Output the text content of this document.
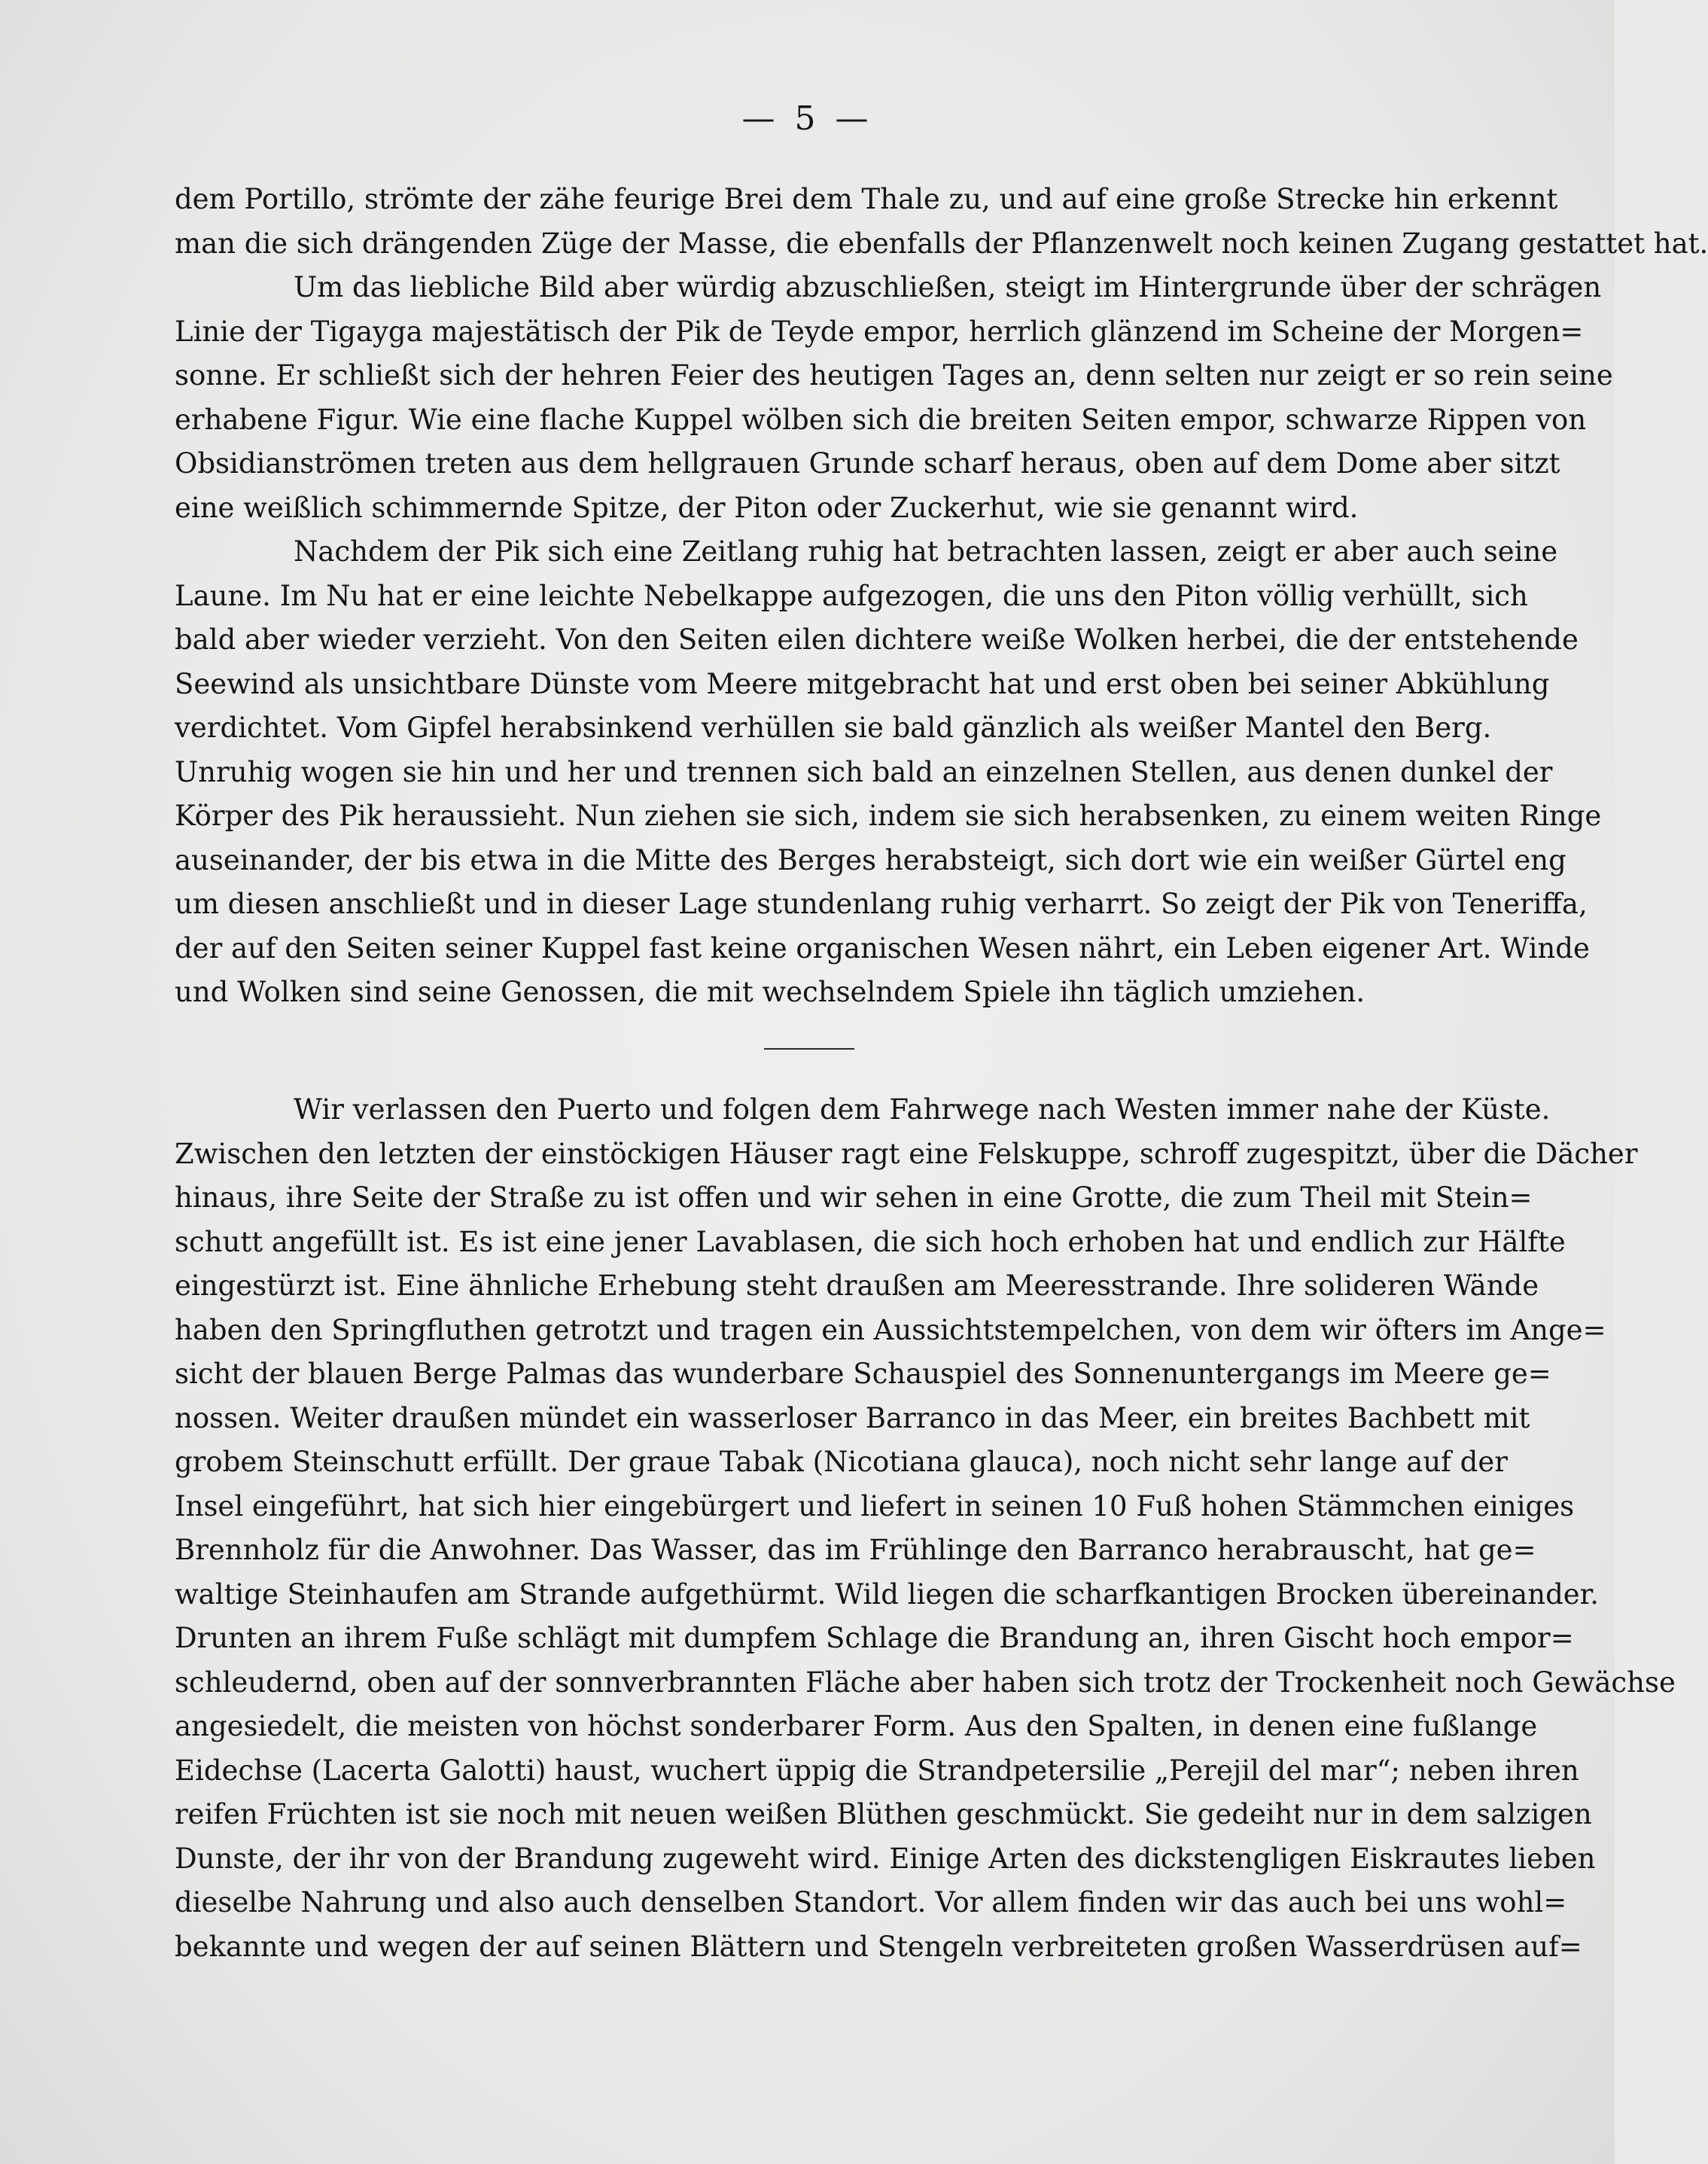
— 5 —
dem Portillo, strömte der zähe feurige Brei dem Thale zu, und auf eine große Strecke hin erkennt
man die sich drängenden Züge der Masse, die ebenfalls der Pflanzenwelt noch keinen Zugang gestattet hat.
Um das liebliche Bild aber würdig abzuschließen, steigt im Hintergrunde über der schrägen
Linie der Tigayga majestätisch der Pik de Teyde empor, herrlich glänzend im Scheine der Morgen=
sonne. Er schließt sich der hehren Feier des heutigen Tages an, denn selten nur zeigt er so rein seine
erhabene Figur. Wie eine flache Kuppel wölben sich die breiten Seiten empor, schwarze Rippen von
Obsidianströmen treten aus dem hellgrauen Grunde scharf heraus, oben auf dem Dome aber sitzt
eine weißlich schimmernde Spitze, der Piton oder Zuckerhut, wie sie genannt wird.
Nachdem der Pik sich eine Zeitlang ruhig hat betrachten lassen, zeigt er aber auch seine
Laune. Im Nu hat er eine leichte Nebelkappe aufgezogen, die uns den Piton völlig verhüllt, sich
bald aber wieder verzieht. Von den Seiten eilen dichtere weiße Wolken herbei, die der entstehende
Seewind als unsichtbare Dünste vom Meere mitgebracht hat und erst oben bei seiner Abkühlung
verdichtet. Vom Gipfel herabsinkend verhüllen sie bald gänzlich als weißer Mantel den Berg.
Unruhig wogen sie hin und her und trennen sich bald an einzelnen Stellen, aus denen dunkel der
Körper des Pik heraussieht. Nun ziehen sie sich, indem sie sich herabsenken, zu einem weiten Ringe
auseinander, der bis etwa in die Mitte des Berges herabsteigt, sich dort wie ein weißer Gürtel eng
um diesen anschließt und in dieser Lage stundenlang ruhig verharrt. So zeigt der Pik von Teneriffa,
der auf den Seiten seiner Kuppel fast keine organischen Wesen nährt, ein Leben eigener Art. Winde
und Wolken sind seine Genossen, die mit wechselndem Spiele ihn täglich umziehen.
Wir verlassen den Puerto und folgen dem Fahrwege nach Westen immer nahe der Küste.
Zwischen den letzten der einstöckigen Häuser ragt eine Felskuppe, schroff zugespitzt, über die Dächer
hinaus, ihre Seite der Straße zu ist offen und wir sehen in eine Grotte, die zum Theil mit Stein=
schutt angefüllt ist. Es ist eine jener Lavablasen, die sich hoch erhoben hat und endlich zur Hälfte
eingestürzt ist. Eine ähnliche Erhebung steht draußen am Meeresstrande. Ihre solideren Wände
haben den Springfluthen getrotzt und tragen ein Aussichtstempelchen, von dem wir öfters im Ange=
sicht der blauen Berge Palmas das wunderbare Schauspiel des Sonnenuntergangs im Meere ge=
nossen. Weiter draußen mündet ein wasserloser Barranco in das Meer, ein breites Bachbett mit
grobem Steinschutt erfüllt. Der graue Tabak (Nicotiana glauca), noch nicht sehr lange auf der
Insel eingeführt, hat sich hier eingebürgert und liefert in seinen 10 Fuß hohen Stämmchen einiges
Brennholz für die Anwohner. Das Wasser, das im Frühlinge den Barranco herabrauscht, hat ge=
waltige Steinhaufen am Strande aufgethürmt. Wild liegen die scharfkantigen Brocken übereinander.
Drunten an ihrem Fuße schlägt mit dumpfem Schlage die Brandung an, ihren Gischt hoch empor=
schleudernd, oben auf der sonnverbrannten Fläche aber haben sich trotz der Trockenheit noch Gewächse
angesiedelt, die meisten von höchst sonderbarer Form. Aus den Spalten, in denen eine fußlange
Eidechse (Lacerta Galotti) haust, wuchert üppig die Strandpetersilie „Perejil del mar“; neben ihren
reifen Früchten ist sie noch mit neuen weißen Blüthen geschmückt. Sie gedeiht nur in dem salzigen
Dunste, der ihr von der Brandung zugeweht wird. Einige Arten des dickstengligen Eiskrautes lieben
dieselbe Nahrung und also auch denselben Standort. Vor allem finden wir das auch bei uns wohl=
bekannte und wegen der auf seinen Blättern und Stengeln verbreiteten großen Wasserdrüsen auf=
